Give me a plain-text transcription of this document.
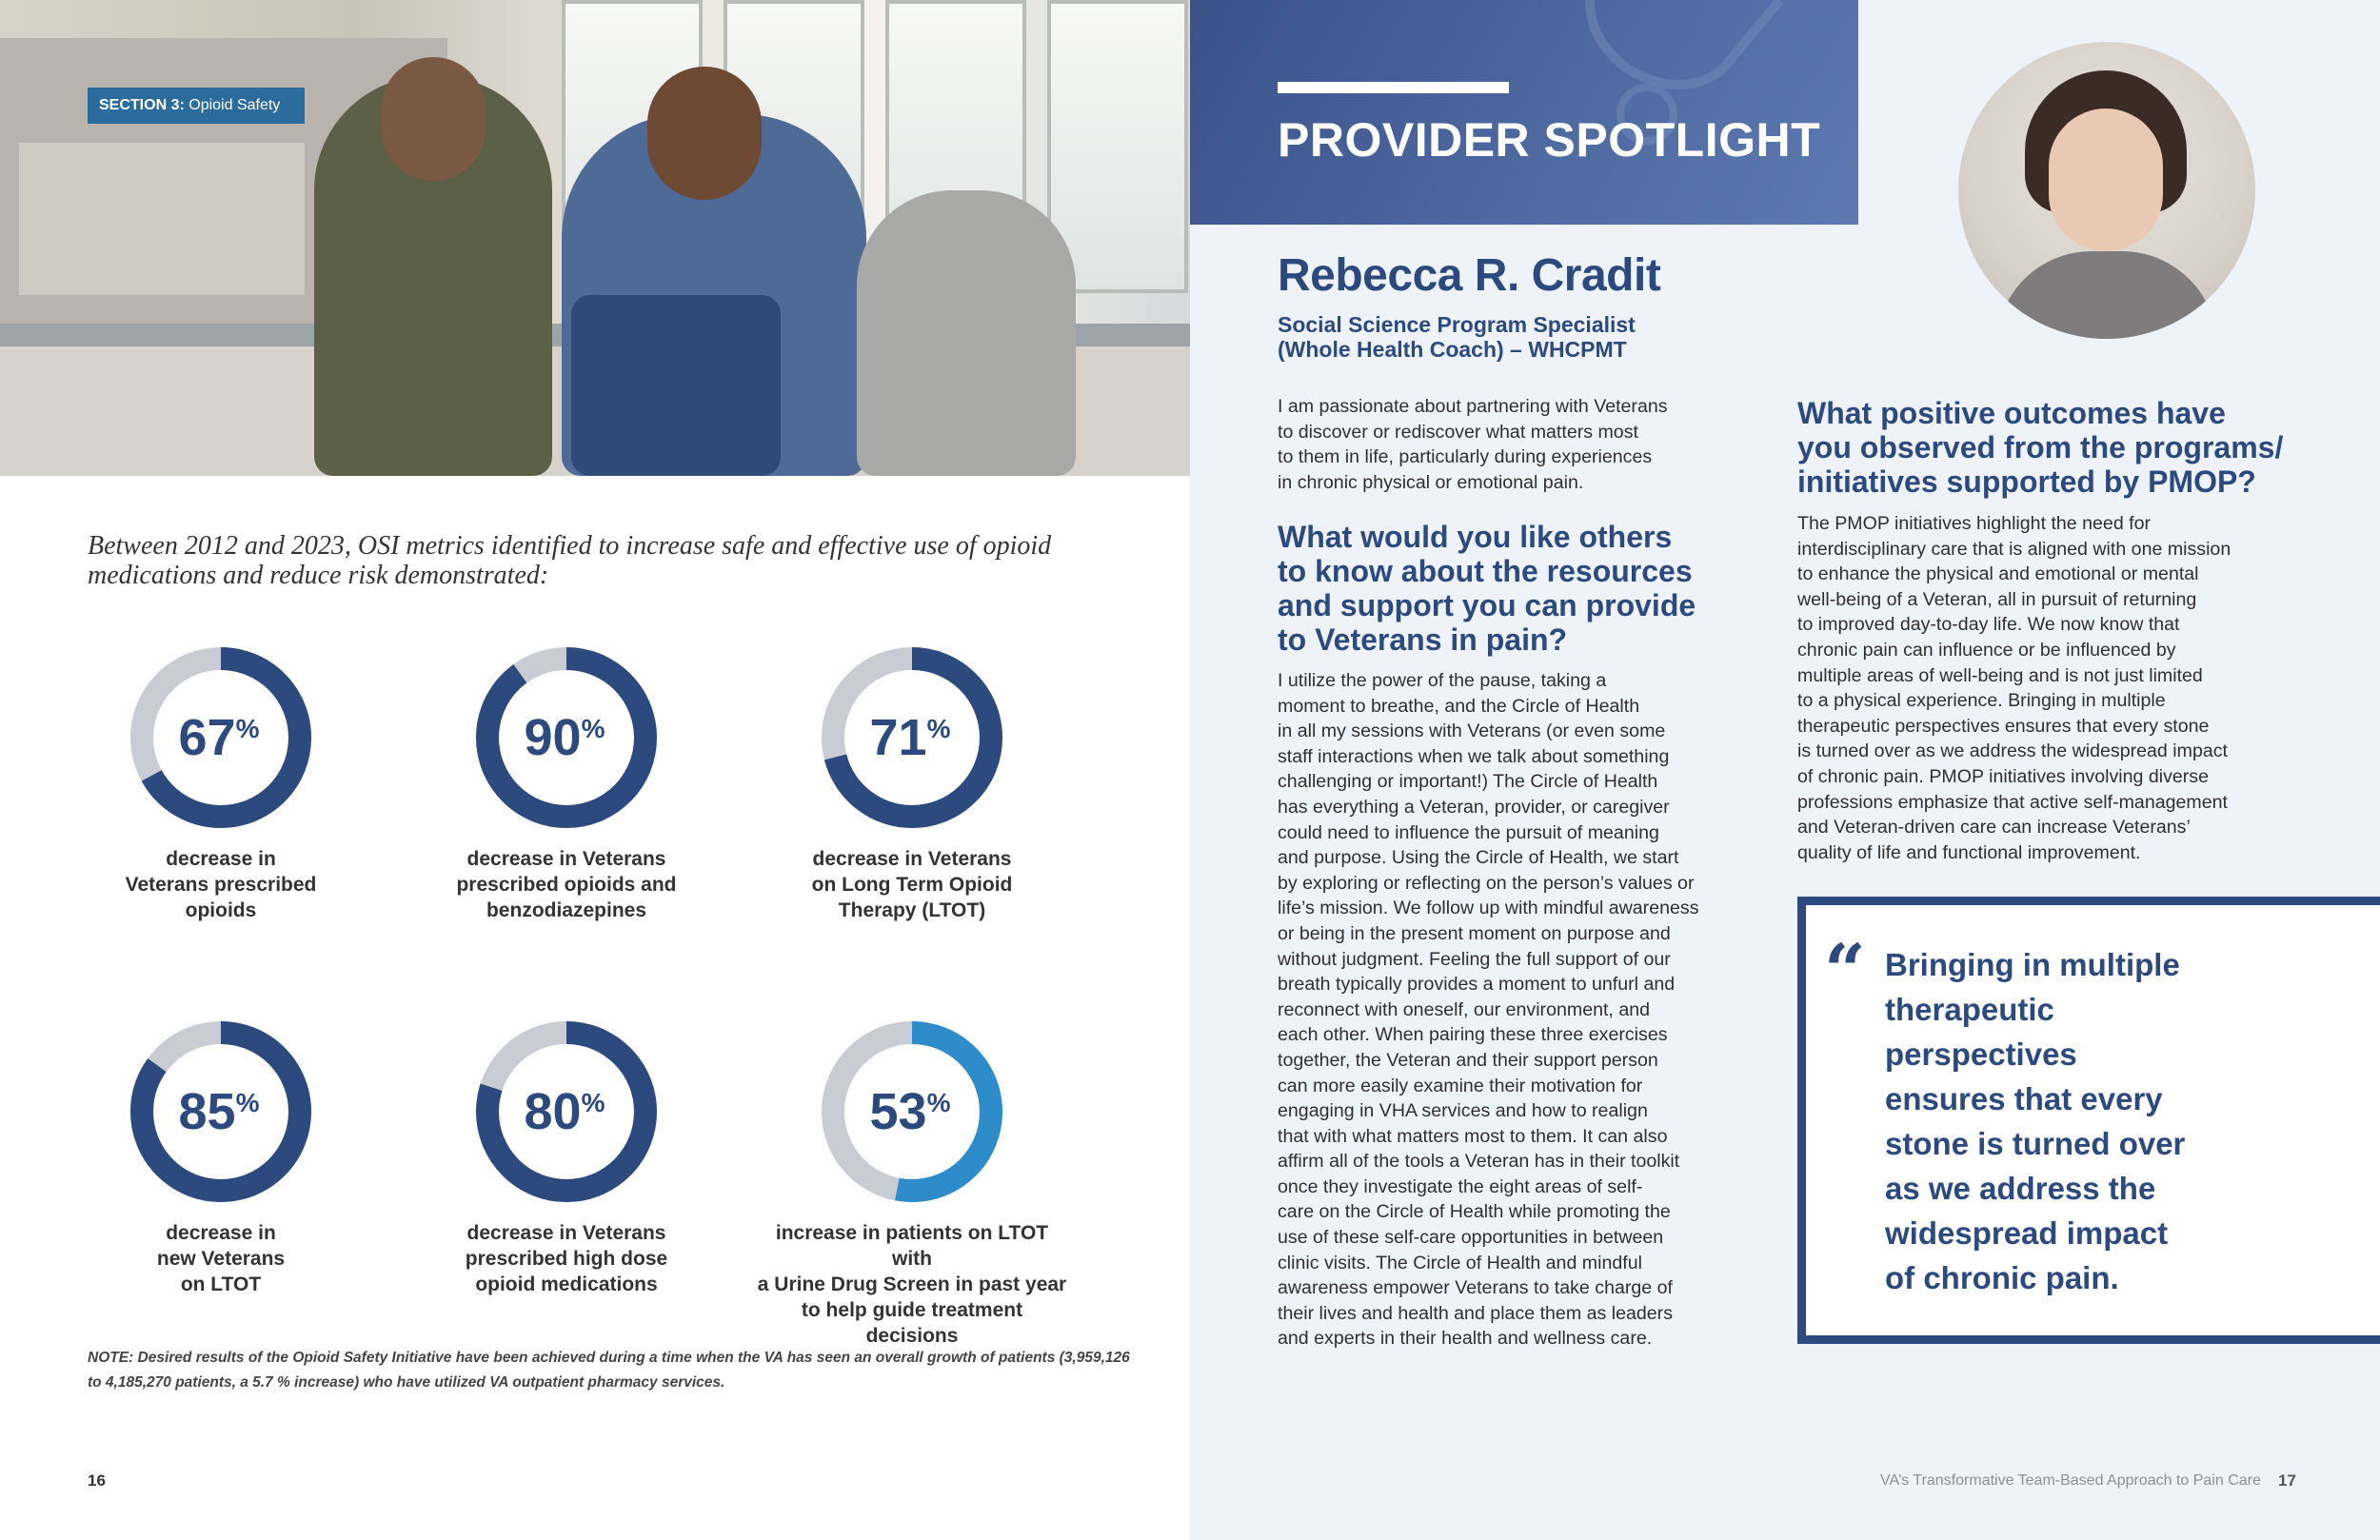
SECTION 3: Opioid Safety
Between 2012 and 2023, OSI metrics identified to increase safe and effective use of opioid medications and reduce risk demonstrated:
67%
decrease in
Veterans prescribed
opioids
90%
decrease in Veterans
prescribed opioids and
benzodiazepines
71%
decrease in Veterans
on Long Term Opioid
Therapy (LTOT)
85%
decrease in
new Veterans
on LTOT
80%
decrease in Veterans
prescribed high dose
opioid medications
53%
increase in patients on LTOT with
a Urine Drug Screen in past year
to help guide treatment decisions
NOTE: Desired results of the Opioid Safety Initiative have been achieved during a time when the VA has seen an overall growth of patients (3,959,126 to 4,185,270 patients, a 5.7 % increase) who have utilized VA outpatient pharmacy services.
16
PROVIDER SPOTLIGHT
Rebecca R. Cradit
Social Science Program Specialist
(Whole Health Coach) – WHCPMT
I am passionate about partnering with Veterans
to discover or rediscover what matters most
to them in life, particularly during experiences
in chronic physical or emotional pain.
What would you like others
to know about the resources
and support you can provide
to Veterans in pain?
I utilize the power of the pause, taking a
moment to breathe, and the Circle of Health
in all my sessions with Veterans (or even some
staff interactions when we talk about something
challenging or important!) The Circle of Health
has everything a Veteran, provider, or caregiver
could need to influence the pursuit of meaning
and purpose. Using the Circle of Health, we start
by exploring or reflecting on the person’s values or
life’s mission. We follow up with mindful awareness
or being in the present moment on purpose and
without judgment. Feeling the full support of our
breath typically provides a moment to unfurl and
reconnect with oneself, our environment, and
each other. When pairing these three exercises
together, the Veteran and their support person
can more easily examine their motivation for
engaging in VHA services and how to realign
that with what matters most to them. It can also
affirm all of the tools a Veteran has in their toolkit
once they investigate the eight areas of self-
care on the Circle of Health while promoting the
use of these self-care opportunities in between
clinic visits. The Circle of Health and mindful
awareness empower Veterans to take charge of
their lives and health and place them as leaders
and experts in their health and wellness care.
What positive outcomes have
you observed from the programs/
initiatives supported by PMOP?
The PMOP initiatives highlight the need for
interdisciplinary care that is aligned with one mission
to enhance the physical and emotional or mental
well-being of a Veteran, all in pursuit of returning
to improved day-to-day life. We now know that
chronic pain can influence or be influenced by
multiple areas of well-being and is not just limited
to a physical experience. Bringing in multiple
therapeutic perspectives ensures that every stone
is turned over as we address the widespread impact
of chronic pain. PMOP initiatives involving diverse
professions emphasize that active self-management
and Veteran-driven care can increase Veterans’
quality of life and functional improvement.
“ Bringing in multiple
therapeutic
perspectives
ensures that every
stone is turned over
as we address the
widespread impact
of chronic pain.
VA’s Transformative Team-Based Approach to Pain Care 17
